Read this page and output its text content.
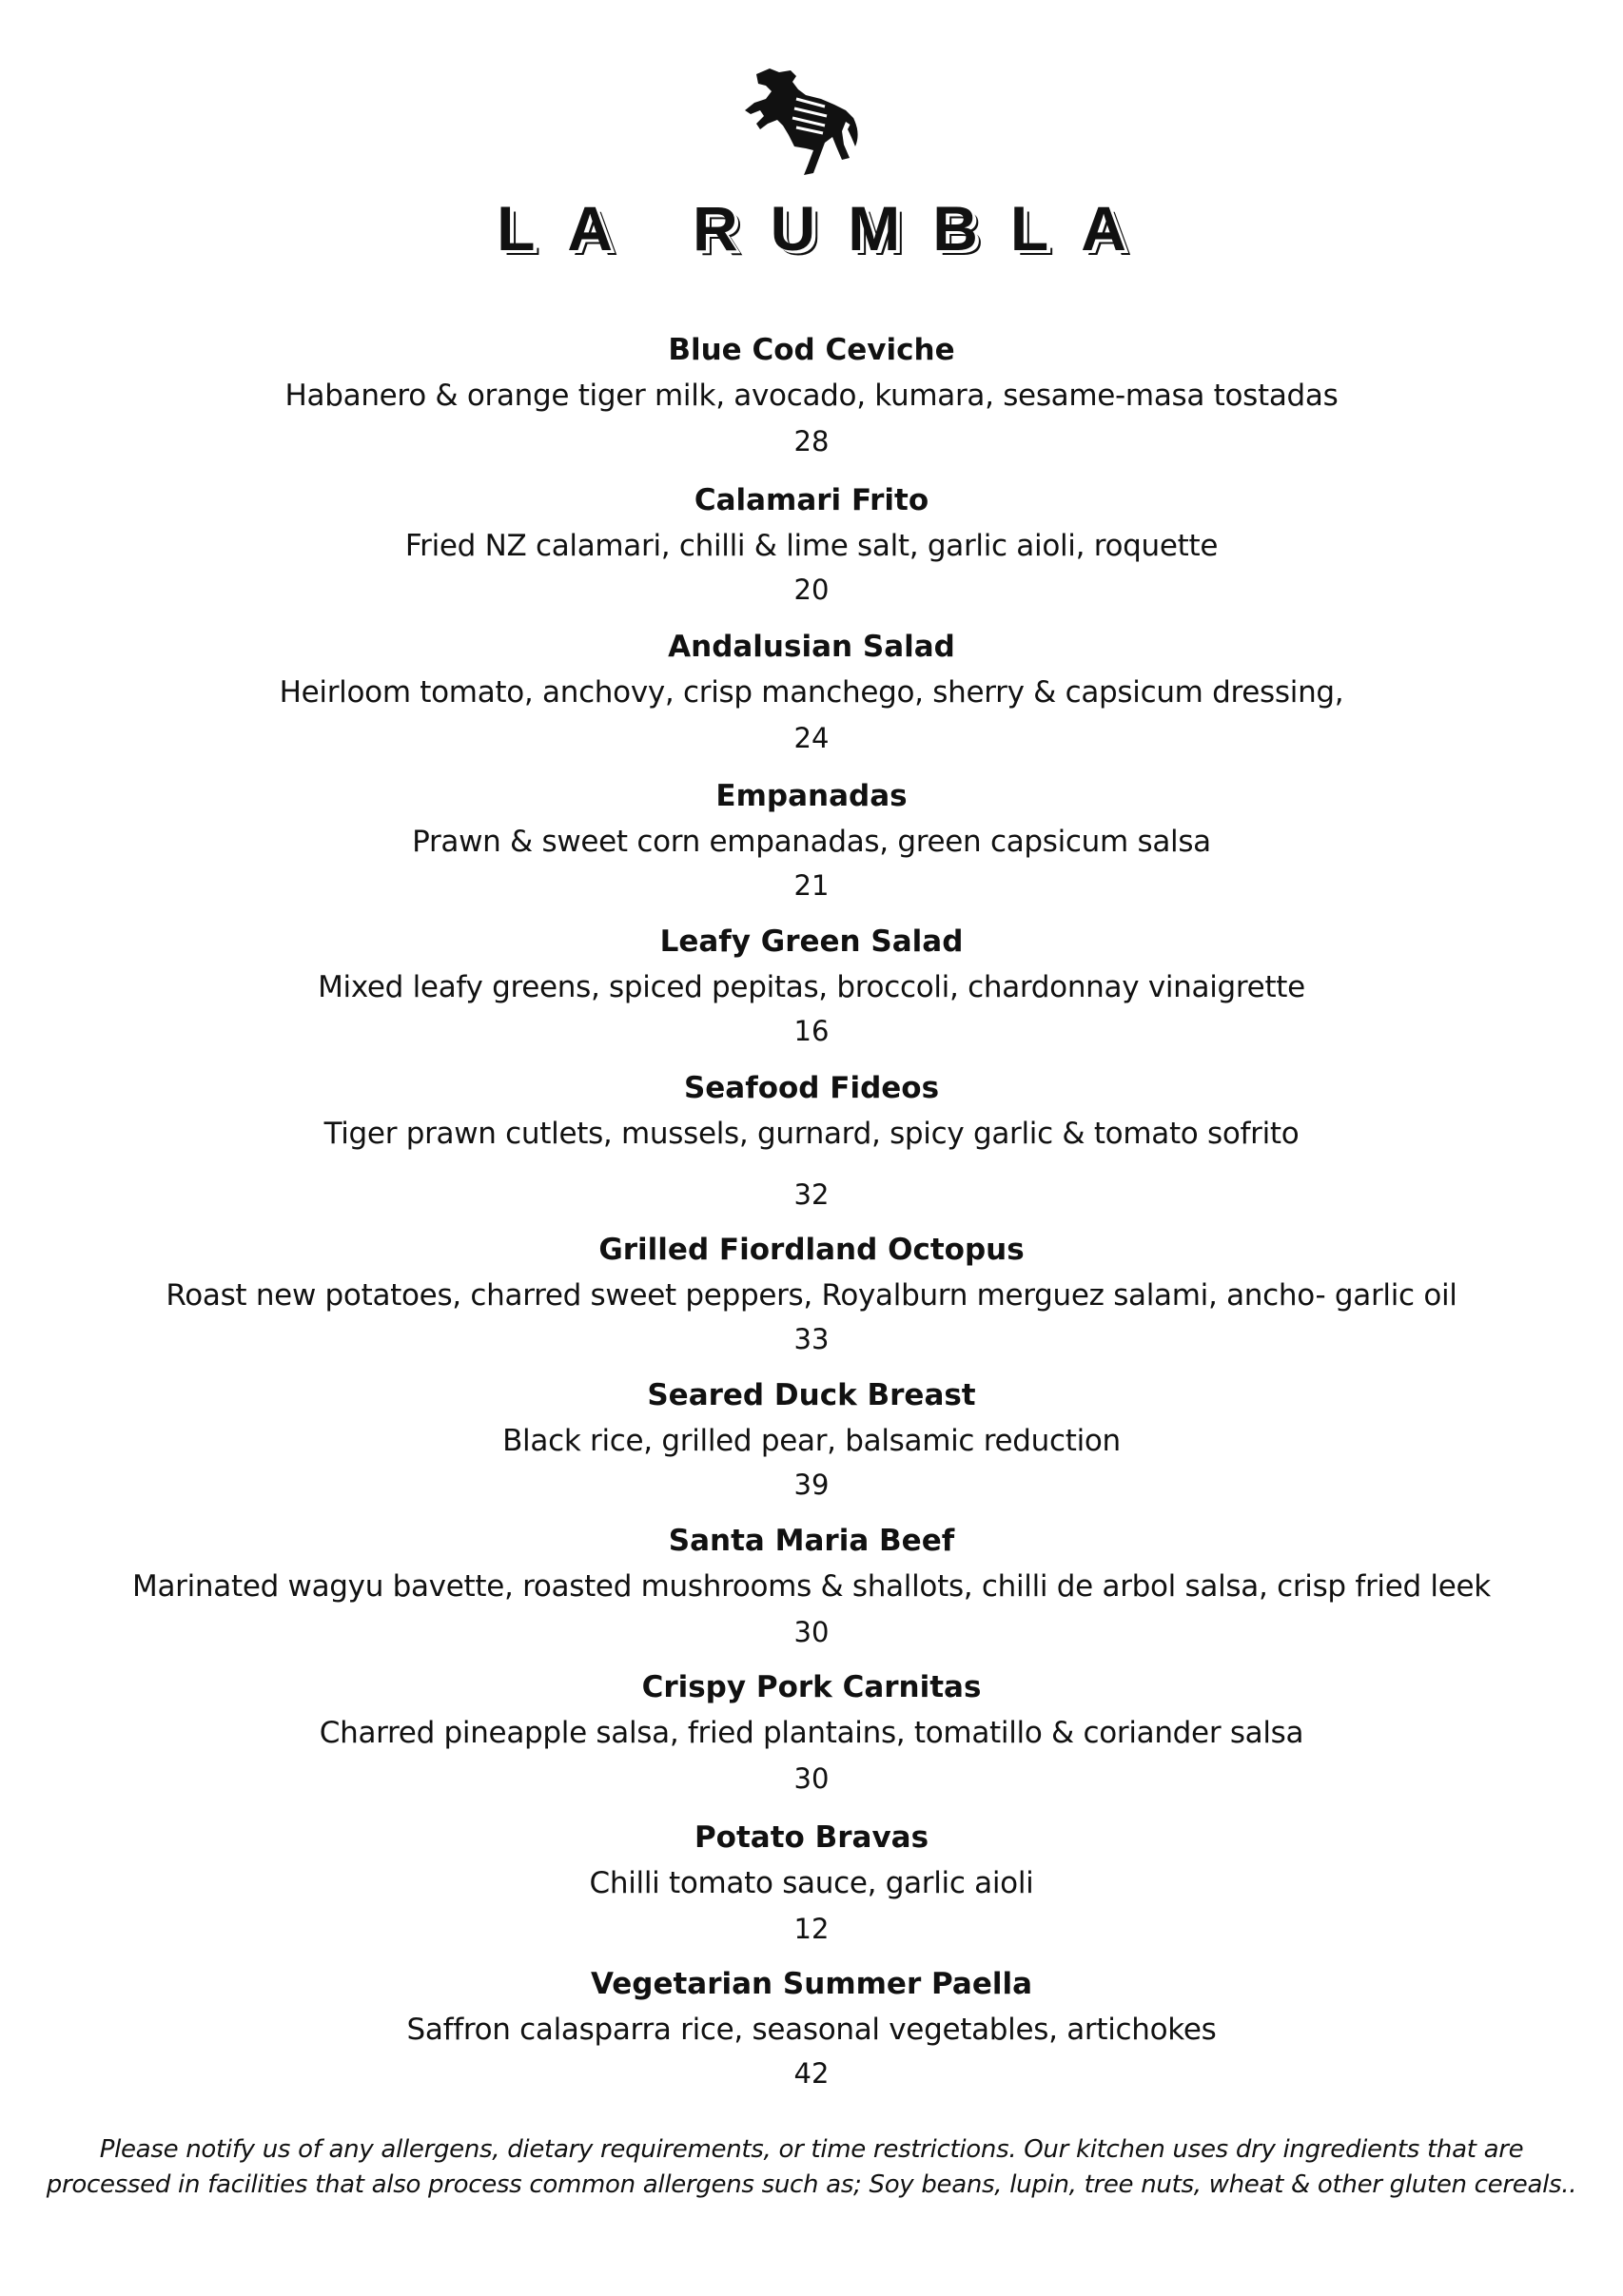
LA RUMBLA
Blue Cod Ceviche
Habanero & orange tiger milk, avocado, kumara, sesame-masa tostadas
28
Calamari Frito
Fried NZ calamari, chilli & lime salt, garlic aioli, roquette
20
Andalusian Salad
Heirloom tomato, anchovy, crisp manchego, sherry & capsicum dressing,
24
Empanadas
Prawn & sweet corn empanadas, green capsicum salsa
21
Leafy Green Salad
Mixed leafy greens, spiced pepitas, broccoli, chardonnay vinaigrette
16
Seafood Fideos
Tiger prawn cutlets, mussels, gurnard, spicy garlic & tomato sofrito
32
Grilled Fiordland Octopus
Roast new potatoes, charred sweet peppers, Royalburn merguez salami, ancho- garlic oil
33
Seared Duck Breast
Black rice, grilled pear, balsamic reduction
39
Santa Maria Beef
Marinated wagyu bavette, roasted mushrooms & shallots, chilli de arbol salsa, crisp fried leek
30
Crispy Pork Carnitas
Charred pineapple salsa, fried plantains, tomatillo & coriander salsa
30
Potato Bravas
Chilli tomato sauce, garlic aioli
12
Vegetarian Summer Paella
Saffron calasparra rice, seasonal vegetables, artichokes
42
Please notify us of any allergens, dietary requirements, or time restrictions. Our kitchen uses dry ingredients that are
processed in facilities that also process common allergens such as; Soy beans, lupin, tree nuts, wheat & other gluten cereals..
